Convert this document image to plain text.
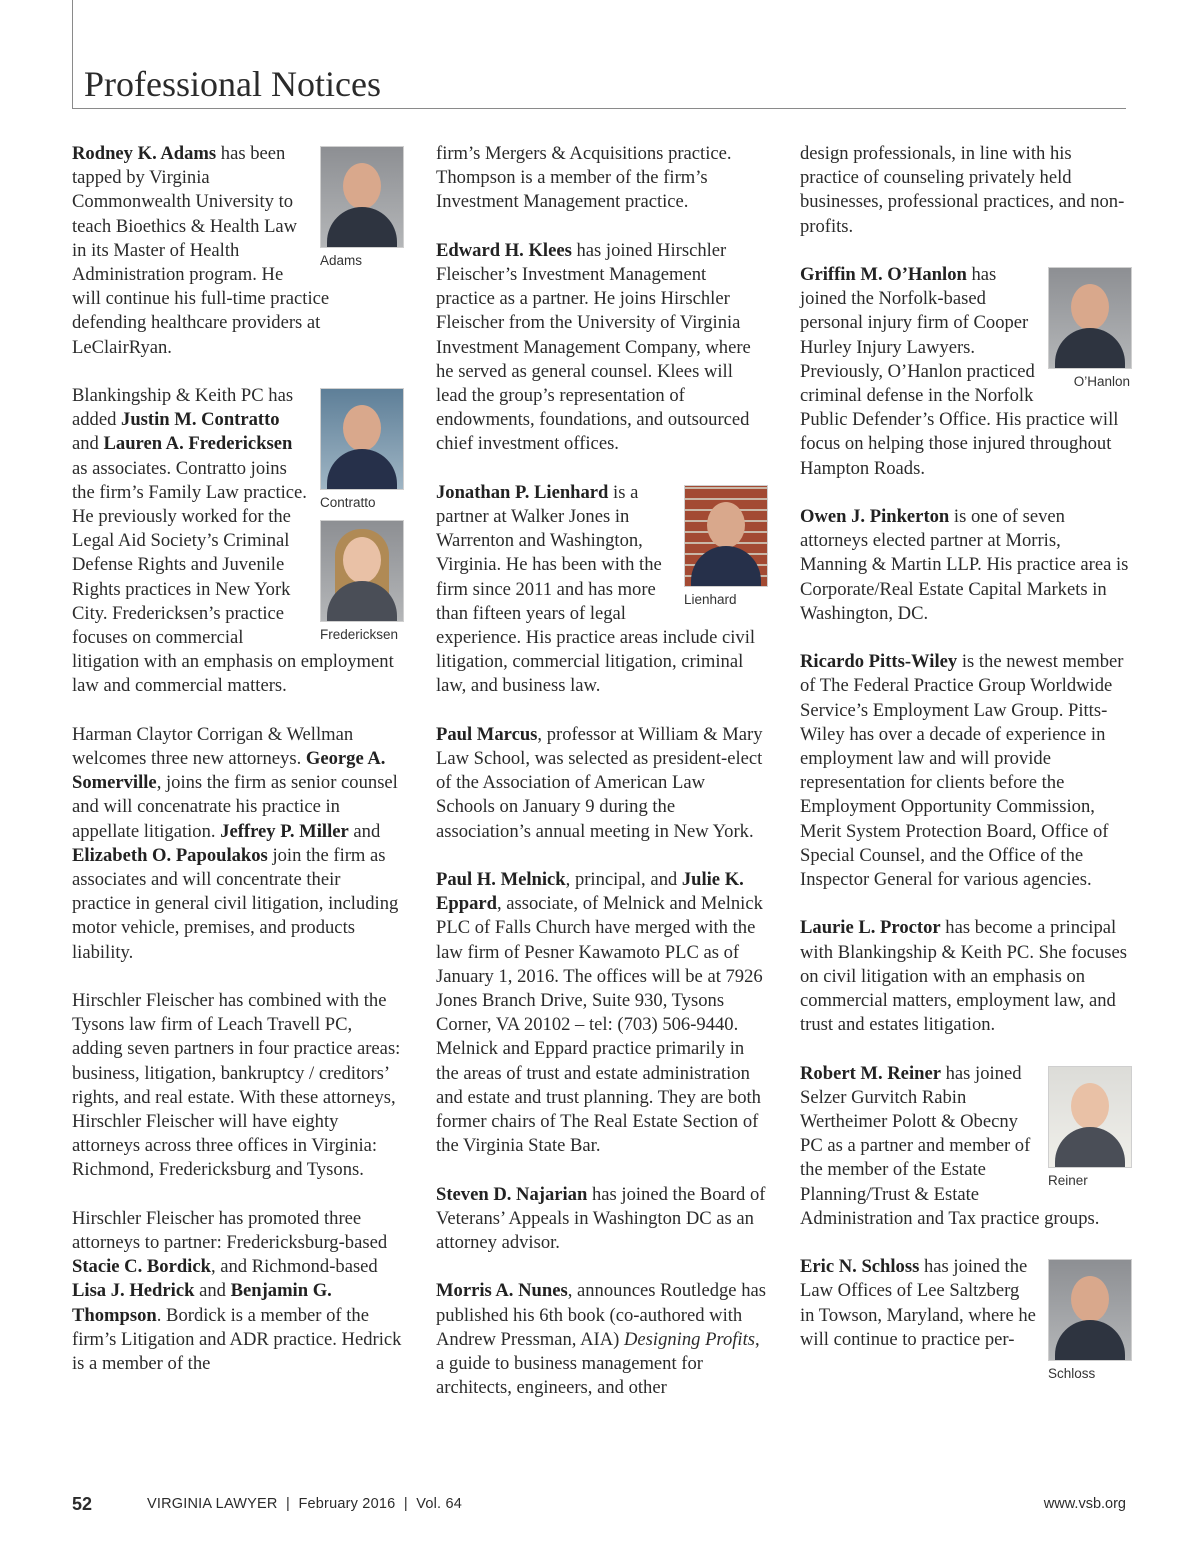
Professional Notices

Adams
Rodney K. Adams has been tapped by Virginia Commonwealth University to teach Bioethics & Health Law in its Master of Health Administration program. He will continue his full-time practice defending healthcare providers at LeClairRyan.

Contratto
Fredericksen
Blankingship & Keith PC has added Justin M. Contratto and Lauren A. Fredericksen as associates. Contratto joins the firm’s Family Law practice. He previously worked for the Legal Aid Society’s Criminal Defense Rights and Juvenile Rights practices in New York City. Fredericksen’s practice focuses on commercial litigation with an emphasis on employment law and commercial matters.

Harman Claytor Corrigan & Wellman welcomes three new attorneys. George A. Somerville, joins the firm as senior counsel and will concenatrate his practice in appellate litigation. Jeffrey P. Miller and Elizabeth O. Papoulakos join the firm as associates and will concentrate their practice in general civil litigation, including motor vehicle, premises, and products liability.

Hirschler Fleischer has combined with the Tysons law firm of Leach Travell PC, adding seven partners in four practice areas: business, litigation, bankruptcy / creditors’ rights, and real estate. With these attorneys, Hirschler Fleischer will have eighty attorneys across three offices in Virginia: Richmond, Fredericksburg and Tysons.

Hirschler Fleischer has promoted three attorneys to partner: Fredericksburg-based Stacie C. Bordick, and Richmond-based Lisa J. Hedrick and Benjamin G. Thompson. Bordick is a member of the firm’s Litigation and ADR practice. Hedrick is a member of the

firm’s Mergers & Acquisitions practice. Thompson is a member of the firm’s Investment Management practice.

Edward H. Klees has joined Hirschler Fleischer’s Investment Management practice as a partner. He joins Hirschler Fleischer from the University of Virginia Investment Management Company, where he served as general counsel. Klees will lead the group’s representation of endowments, foundations, and outsourced chief investment offices.

Lienhard
Jonathan P. Lienhard is a partner at Walker Jones in Warrenton and Washington, Virginia. He has been with the firm since 2011 and has more than fifteen years of legal experience. His practice areas include civil litigation, commercial litigation, criminal law, and business law.

Paul Marcus, professor at William & Mary Law School, was selected as president-elect of the Association of American Law Schools on January 9 during the association’s annual meeting in New York.

Paul H. Melnick, principal, and Julie K. Eppard, associate, of Melnick and Melnick PLC of Falls Church have merged with the law firm of Pesner Kawamoto PLC as of January 1, 2016. The offices will be at 7926 Jones Branch Drive, Suite 930, Tysons Corner, VA 20102 – tel: (703) 506-9440. Melnick and Eppard practice primarily in the areas of trust and estate administration and estate and trust planning. They are both former chairs of The Real Estate Section of the Virginia State Bar.

Steven D. Najarian has joined the Board of Veterans’ Appeals in Washington DC as an attorney advisor.

Morris A. Nunes, announces Routledge has published his 6th book (co-authored with Andrew Pressman, AIA) Designing Profits, a guide to business management for architects, engineers, and other

design professionals, in line with his practice of counseling privately held businesses, professional practices, and non-profits.

O’Hanlon
Griffin M. O’Hanlon has joined the Norfolk-based personal injury firm of Cooper Hurley Injury Lawyers. Previously, O’Hanlon practiced criminal defense in the Norfolk Public Defender’s Office. His practice will focus on helping those injured throughout Hampton Roads.

Owen J. Pinkerton is one of seven attorneys elected partner at Morris, Manning & Martin LLP. His practice area is Corporate/Real Estate Capital Markets in Washington, DC.

Ricardo Pitts-Wiley is the newest member of The Federal Practice Group Worldwide Service’s Employment Law Group. Pitts-Wiley has over a decade of experience in employment law and will provide representation for clients before the Employment Opportunity Commission, Merit System Protection Board, Office of Special Counsel, and the Office of the Inspector General for various agencies.

Laurie L. Proctor has become a principal with Blankingship & Keith PC. She focuses on civil litigation with an emphasis on commercial matters, employment law, and trust and estates litigation.

Reiner
Robert M. Reiner has joined Selzer Gurvitch Rabin Wertheimer Polott & Obecny PC as a partner and member of the member of the Estate Planning/Trust & Estate Administration and Tax practice groups.

Schloss
Eric N. Schloss has joined the Law Offices of Lee Saltzberg in Towson, Maryland, where he will continue to practice per-

52	VIRGINIA LAWYER  |  February 2016  |  Vol. 64	www.vsb.org
